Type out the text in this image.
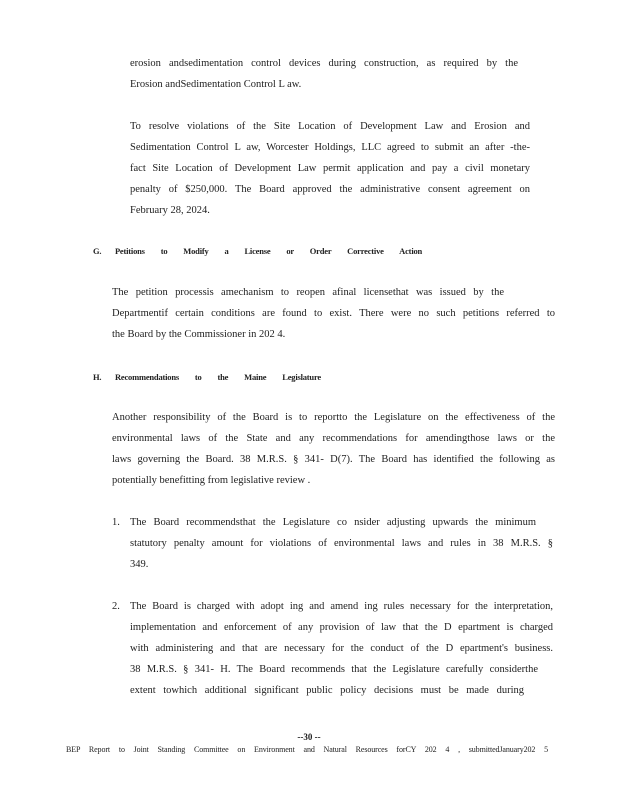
erosion andsedimentation control devices during construction, as required by the
Erosion andSedimentation Control L aw.
To resolve violations of the Site Location of Development Law and Erosion and
Sedimentation Control L aw, Worcester Holdings, LLC agreed to submit an after -the-
fact Site Location of Development Law permit application and pay a civil monetary
penalty of $250,000. The Board approved the administrative consent agreement on
February 28, 2024.
G. Petitions to Modify a License or Order Corrective Action
The petition processis amechanism to reopen afinal licensethat was issued by the
Departmentif certain conditions are found to exist. There were no such petitions referred to
the Board by the Commissioner in 202 4.
H. Recommendations to the Maine Legislature
Another responsibility of the Board is to reportto the Legislature on the effectiveness of the
environmental laws of the State and any recommendations for amendingthose laws or the
laws governing the Board. 38 M.R.S. § 341- D(7). The Board has identified the following as
potentially benefitting from legislative review .
1. The Board recommendsthat the Legislature co nsider adjusting upwards the minimum
statutory penalty amount for violations of environmental laws and rules in 38 M.R.S. §
349.
2. The Board is charged with adopt ing and amend ing rules necessary for the interpretation,
implementation and enforcement of any provision of law that the D epartment is charged
with administering and that are necessary for the conduct of the D epartment's business.
38 M.R.S. § 341- H. The Board recommends that the Legislature carefully considerthe
extent towhich additional significant public policy decisions must be made during
--30 --
BEP Report to Joint Standing Committee on Environment and Natural Resources forCY 202 4 , submittedJanuary202 5
